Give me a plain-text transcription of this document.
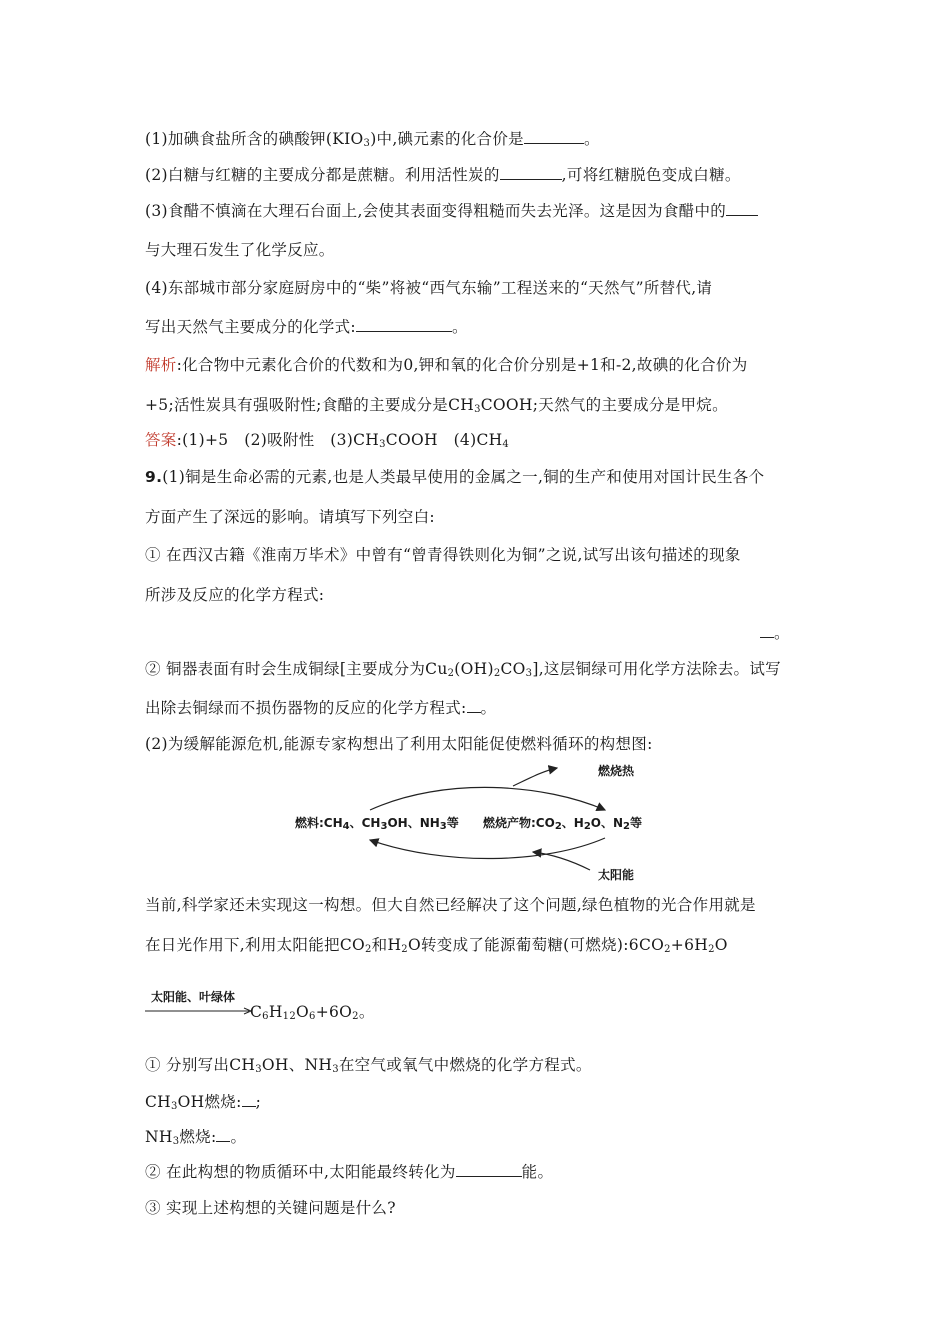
(1)加碘食盐所含的碘酸钾$(KIO_3)$中,碘元素的化合价是	。
(2)白糖与红糖的主要成分都是蔗糖。利用活性炭的	,可将红糖脱色变成白糖。
(3)食醋不慎滴在大理石台面上,会使其表面变得粗糙而失去光泽。这是因为食醋中的
与大理石发生了化学反应。
(4)东部城市部分家庭厨房中的“柴”将被“西气东输”工程送来的“天然气”所替代,请
写出天然气主要成分的化学式:	。
解析:化合物中元素化合价的代数和为0,钾和氧的化合价分别是+1和-2,故碘的化合价为
+5;活性炭具有强吸附性;食醋的主要成分是$CH_3COOH$;天然气的主要成分是甲烷。
答案:(1)+5　(2)吸附性　$(3)CH_3COOH$　$(4)CH_4$
9.(1)铜是生命必需的元素,也是人类最早使用的金属之一,铜的生产和使用对国计民生各个
方面产生了深远的影响。请填写下列空白:
① 在西汉古籍《淮南万毕术》中曾有“曾青得铁则化为铜”之说,试写出该句描述的现象
所涉及反应的化学方程式:
。
② 铜器表面有时会生成铜绿[主要成分为$Cu_2(OH)_2CO_3$],这层铜绿可用化学方法除去。试写
出除去铜绿而不损伤器物的反应的化学方程式: 。
(2)为缓解能源危机,能源专家构想出了利用太阳能促使燃料循环的构想图:
燃烧热
太阳能
燃料$:CH_4$、$CH_3OH$、$NH_3$等 燃烧产物$:CO_2$、$H_2O$、$N_2$等
当前,科学家还未实现这一构想。但大自然已经解决了这个问题,绿色植物的光合作用就是
在日光作用下,利用太阳能把$CO_2$和$H_2O$转变成了能源葡萄糖(可燃烧)$:6CO_2+6H_2O$
太阳能、叶绿体
$C_6H_{12}O_6+6O_2$。
① 分别写出$CH_3OH$、$NH_3$在空气或氧气中燃烧的化学方程式。
$CH_3OH$燃烧: ;
$NH_3$燃烧: 。
② 在此构想的物质循环中,太阳能最终转化为	能。
③ 实现上述构想的关键问题是什么?
